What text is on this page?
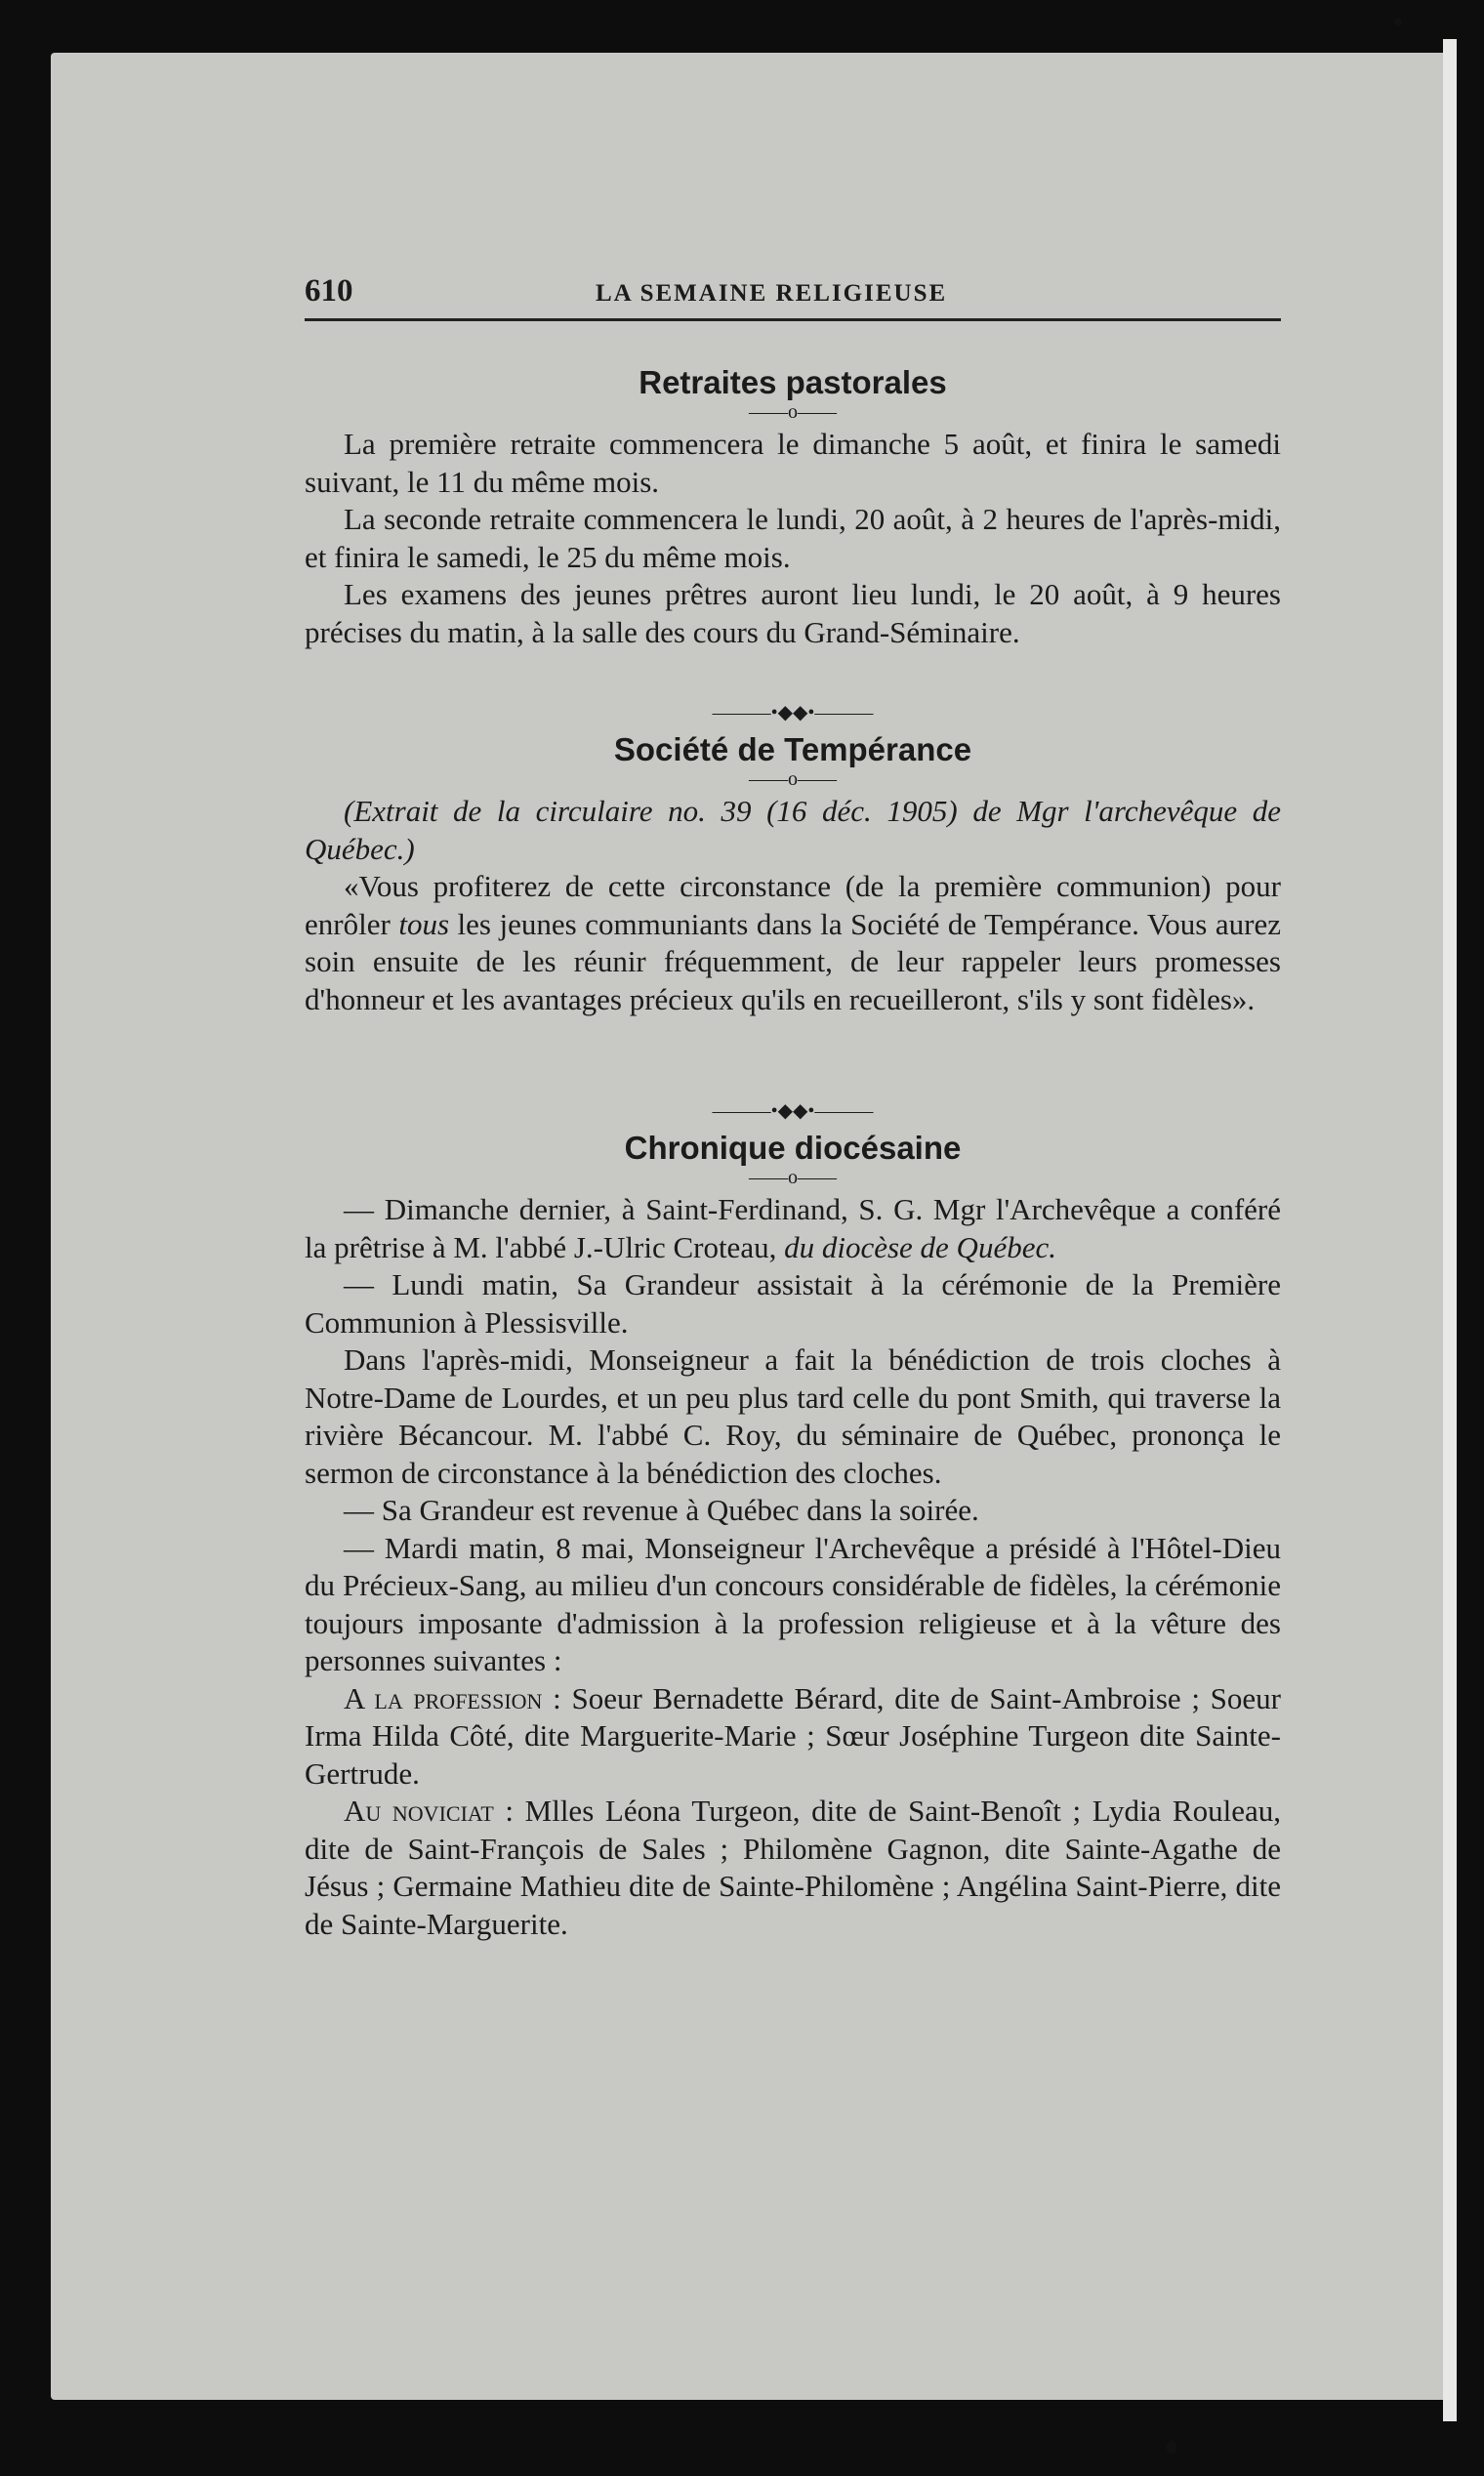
610	LA SEMAINE RELIGIEUSE
Retraites pastorales
——o——

La première retraite commencera le dimanche 5 août, et finira le samedi suivant, le 11 du même mois.

La seconde retraite commencera le lundi, 20 août, à 2 heures de l'après-midi, et finira le samedi, le 25 du même mois.

Les examens des jeunes prêtres auront lieu lundi, le 20 août, à 9 heures précises du matin, à la salle des cours du Grand-Séminaire.

———•◆◆•———
Société de Tempérance
——o——

(Extrait de la circulaire no. 39 (16 déc. 1905) de Mgr l'archevêque de Québec.)

«Vous profiterez de cette circonstance (de la première communion) pour enrôler tous les jeunes communiants dans la Société de Tempérance. Vous aurez soin ensuite de les réunir fréquemment, de leur rappeler leurs promesses d'honneur et les avantages précieux qu'ils en recueilleront, s'ils y sont fidèles».

———•◆◆•———
Chronique diocésaine
——o——

— Dimanche dernier, à Saint-Ferdinand, S. G. Mgr l'Archevêque a conféré la prêtrise à M. l'abbé J.-Ulric Croteau, du diocèse de Québec.

— Lundi matin, Sa Grandeur assistait à la cérémonie de la Première Communion à Plessisville.

Dans l'après-midi, Monseigneur a fait la bénédiction de trois cloches à Notre-Dame de Lourdes, et un peu plus tard celle du pont Smith, qui traverse la rivière Bécancour. M. l'abbé C. Roy, du séminaire de Québec, prononça le sermon de circonstance à la bénédiction des cloches.

— Sa Grandeur est revenue à Québec dans la soirée.

— Mardi matin, 8 mai, Monseigneur l'Archevêque a présidé à l'Hôtel-Dieu du Précieux-Sang, au milieu d'un concours considérable de fidèles, la cérémonie toujours imposante d'admission à la profession religieuse et à la vêture des personnes suivantes :

A la profession : Soeur Bernadette Bérard, dite de Saint-Ambroise ; Soeur Irma Hilda Côté, dite Marguerite-Marie ; Sœur Joséphine Turgeon dite Sainte-Gertrude.

Au noviciat : Mlles Léona Turgeon, dite de Saint-Benoît ; Lydia Rouleau, dite de Saint-François de Sales ; Philomène Gagnon, dite Sainte-Agathe de Jésus ; Germaine Mathieu dite de Sainte-Philomène ; Angélina Saint-Pierre, dite de Sainte-Marguerite.
